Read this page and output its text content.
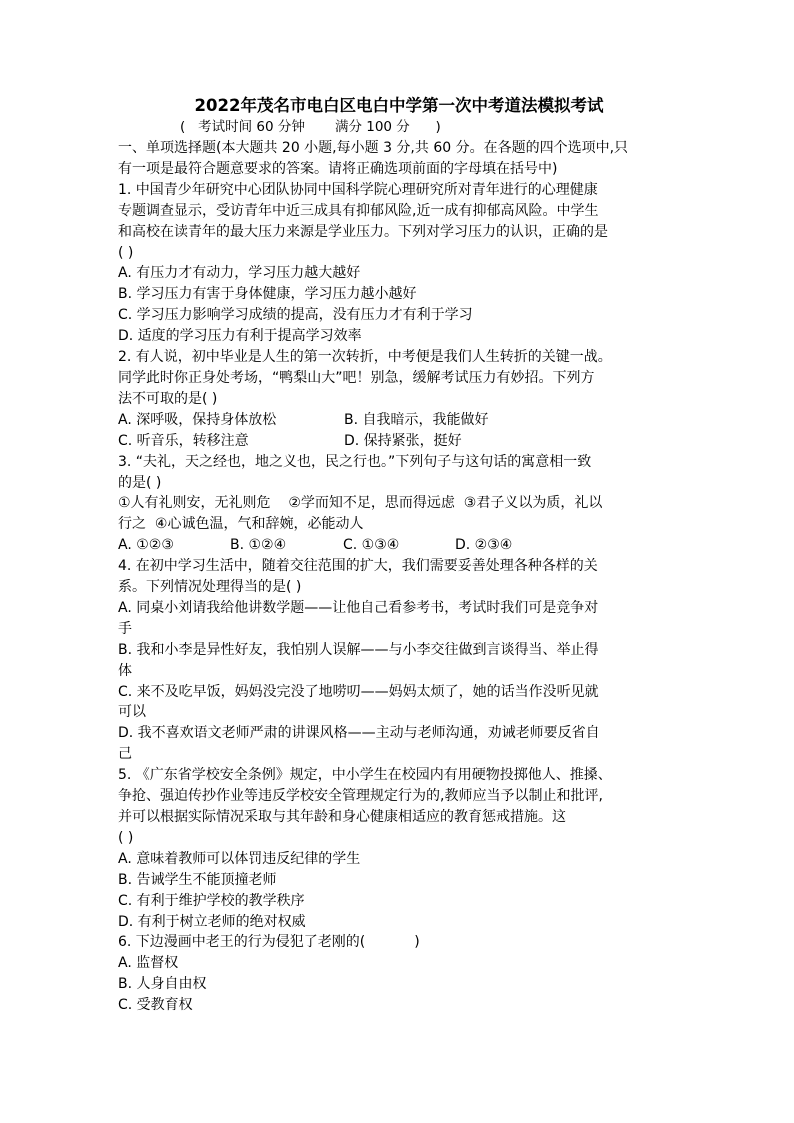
2022年茂名市电白区电白中学第一次中考道法模拟考试

(   考试时间 60 分钟       满分 100 分      )

一、单项选择题(本大题共 20 小题,每小题 3 分,共 60 分。在各题的四个选项中,只

有一项是最符合题意要求的答案。请将正确选项前面的字母填在括号中)

1. 中国青少年研究中心团队协同中国科学院心理研究所对青年进行的心理健康

专题调查显示，受访青年中近三成具有抑郁风险,近一成有抑郁高风险。中学生

和高校在读青年的最大压力来源是学业压力。下列对学习压力的认识，正确的是

( )

A. 有压力才有动力，学习压力越大越好

B. 学习压力有害于身体健康，学习压力越小越好

C. 学习压力影响学习成绩的提高，没有压力才有利于学习

D. 适度的学习压力有利于提高学习效率

2. 有人说，初中毕业是人生的第一次转折，中考便是我们人生转折的关键一战。

同学此时你正身处考场，“鸭梨山大”吧！别急，缓解考试压力有妙招。下列方

法不可取的是( )

A. 深呼吸，保持身体放松	B. 自我暗示，我能做好

C. 听音乐，转移注意	D. 保持紧张，挺好

3. “夫礼，天之经也，地之义也，民之行也。”下列句子与这句话的寓意相一致

的是( )

①人有礼则安，无礼则危    ②学而知不足，思而得远虑  ③君子义以为质，礼以

行之  ④心诚色温，气和辞婉，必能动人

A. ①②③	B. ①②④	C. ①③④	D. ②③④

4. 在初中学习生活中，随着交往范围的扩大，我们需要妥善处理各种各样的关

系。下列情况处理得当的是( )

A. 同桌小刘请我给他讲数学题——让他自己看参考书，考试时我们可是竞争对

手

B. 我和小李是异性好友，我怕别人误解——与小李交往做到言谈得当、举止得

体

C. 来不及吃早饭，妈妈没完没了地唠叨——妈妈太烦了，她的话当作没听见就

可以

D. 我不喜欢语文老师严肃的讲课风格——主动与老师沟通，劝诫老师要反省自

己

5. 《广东省学校安全条例》规定，中小学生在校园内有用硬物投掷他人、推搡、

争抢、强迫传抄作业等违反学校安全管理规定行为的,教师应当予以制止和批评,

并可以根据实际情况采取与其年龄和身心健康相适应的教育惩戒措施。这

( )

A. 意味着教师可以体罚违反纪律的学生

B. 告诫学生不能顶撞老师

C. 有利于维护学校的教学秩序

D. 有利于树立老师的绝对权威

6. 下边漫画中老王的行为侵犯了老刚的(           )

A. 监督权

B. 人身自由权

C. 受教育权
